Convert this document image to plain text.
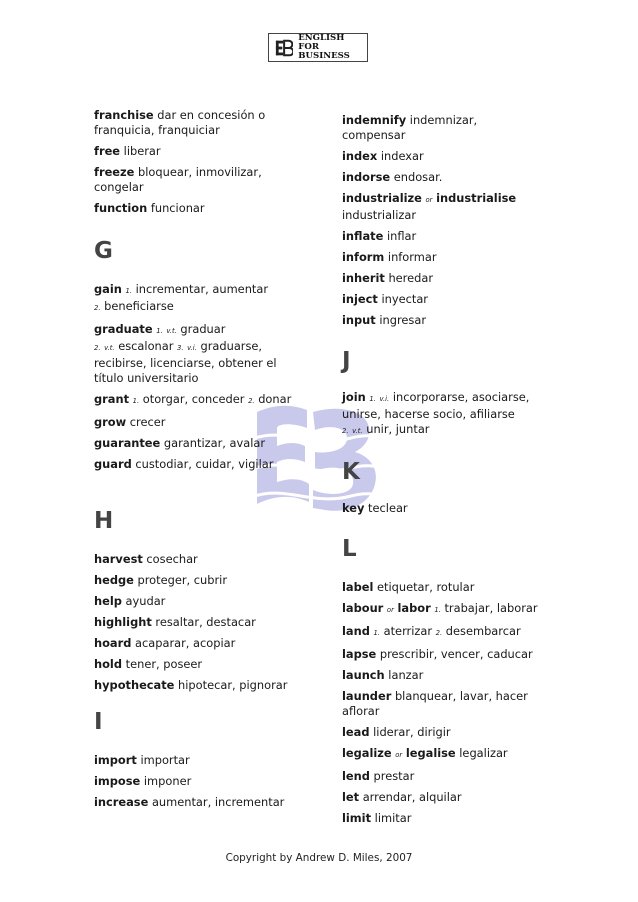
ENGLISH
FOR BUSINESS
franchise dar en concesión o franquicia, franquiciar
free liberar
freeze bloquear, inmovilizar, congelar
function funcionar
G
gain 1. incrementar, aumentar
2. beneficiarse
graduate 1. v.t. graduar
2. v.t. escalonar 3. v.i. graduarse, recibirse, licenciarse, obtener el título universitario
grant 1. otorgar, conceder 2. donar
grow crecer
guarantee garantizar, avalar
guard custodiar, cuidar, vigilar
H
harvest cosechar
hedge proteger, cubrir
help ayudar
highlight resaltar, destacar
hoard acaparar, acopiar
hold tener, poseer
hypothecate hipotecar, pignorar
I
import importar
impose imponer
increase aumentar, incrementar
indemnify indemnizar, compensar
index indexar
indorse endosar.
industrialize or industrialise
industrializar
inflate inflar
inform informar
inherit heredar
inject inyectar
input ingresar
J
join 1. v.i. incorporarse, asociarse, unirse, hacerse socio, afiliarse
2. v.t. unir, juntar
K
key teclear
L
label etiquetar, rotular
labour or labor 1. trabajar, laborar
land 1. aterrizar 2. desembarcar
lapse prescribir, vencer, caducar
launch lanzar
launder blanquear, lavar, hacer aflorar
lead liderar, dirigir
legalize or legalise legalizar
lend prestar
let arrendar, alquilar
limit limitar
Copyright by Andrew D. Miles, 2007
